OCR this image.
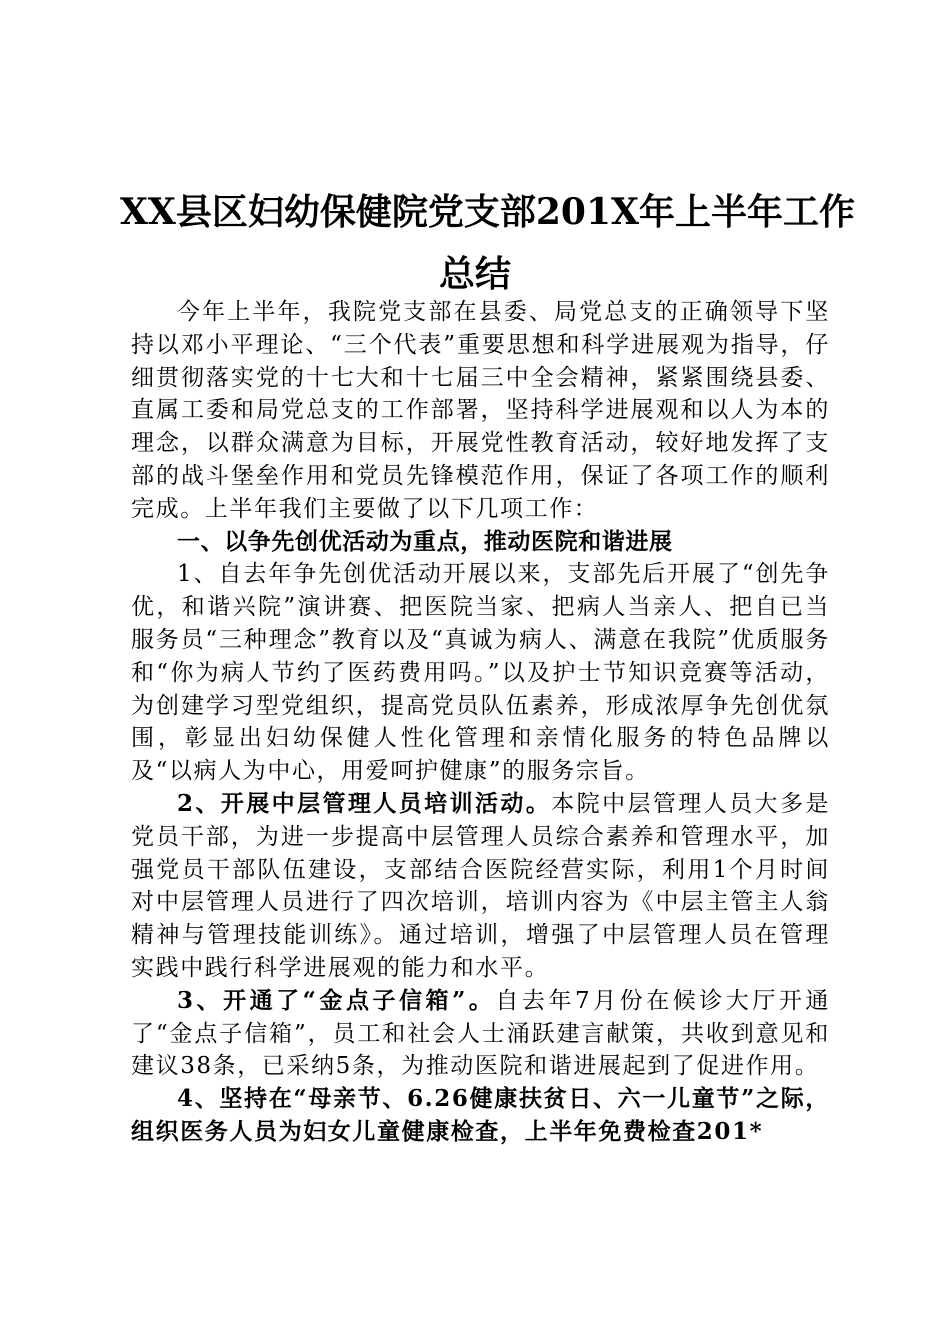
XX县区妇幼保健院党支部201X年上半年工作
总结

今年上半年，我院党支部在县委、局党总支的正确领导下坚持以邓小平理论、“三个代表”重要思想和科学进展观为指导，仔细贯彻落实党的十七大和十七届三中全会精神，紧紧围绕县委、直属工委和局党总支的工作部署，坚持科学进展观和以人为本的理念，以群众满意为目标，开展党性教育活动，较好地发挥了支部的战斗堡垒作用和党员先锋模范作用，保证了各项工作的顺利完成。上半年我们主要做了以下几项工作：

一、以争先创优活动为重点，推动医院和谐进展

1、自去年争先创优活动开展以来，支部先后开展了“创先争优，和谐兴院”演讲赛、把医院当家、把病人当亲人、把自已当服务员“三种理念”教育以及“真诚为病人、满意在我院”优质服务和“你为病人节约了医药费用吗。”以及护士节知识竞赛等活动，为创建学习型党组织，提高党员队伍素养，形成浓厚争先创优氛围，彰显出妇幼保健人性化管理和亲情化服务的特色品牌以及“以病人为中心，用爱呵护健康”的服务宗旨。

2、开展中层管理人员培训活动。本院中层管理人员大多是党员干部，为进一步提高中层管理人员综合素养和管理水平，加强党员干部队伍建设，支部结合医院经营实际，利用1个月时间对中层管理人员进行了四次培训，培训内容为《中层主管主人翁精神与管理技能训练》。通过培训，增强了中层管理人员在管理实践中践行科学进展观的能力和水平。

3、开通了“金点子信箱”。自去年7月份在候诊大厅开通了“金点子信箱”，员工和社会人士涌跃建言献策，共收到意见和建议38条，已采纳5条，为推动医院和谐进展起到了促进作用。

4、坚持在“母亲节、6.26健康扶贫日、六一儿童节”之际，组织医务人员为妇女儿童健康检查，上半年免费检查201*
